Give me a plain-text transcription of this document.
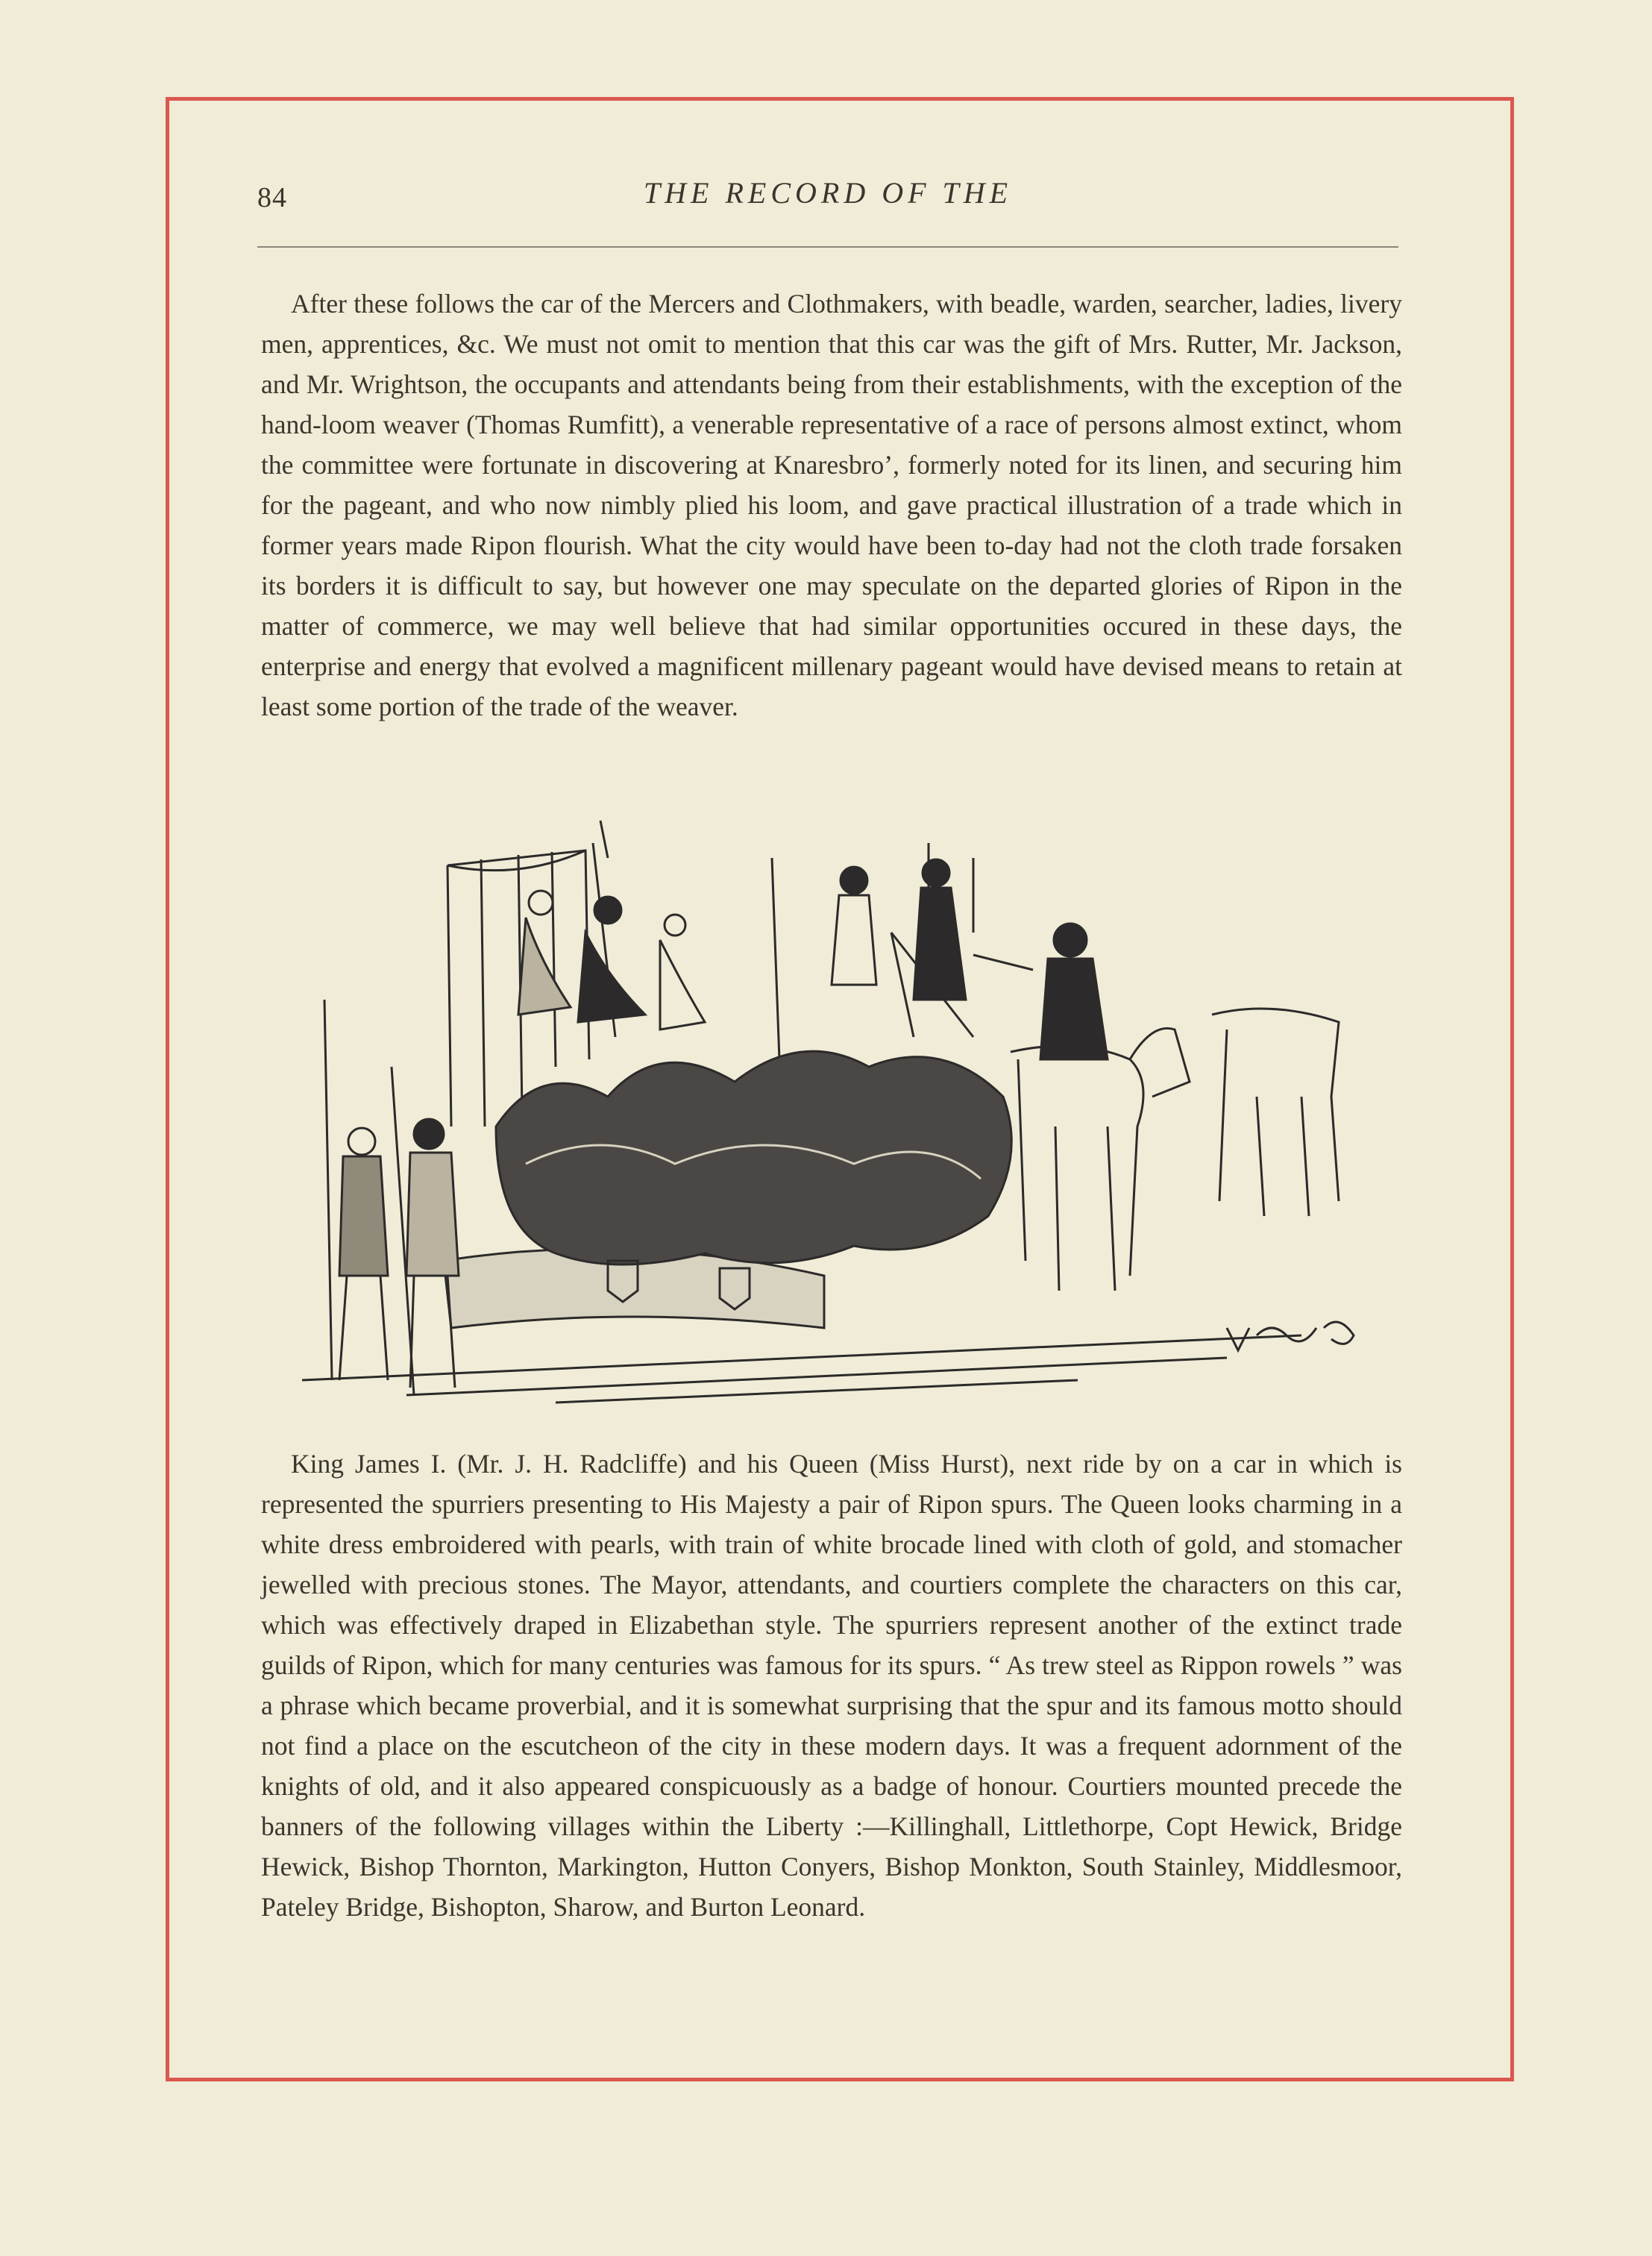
84	THE RECORD OF THE

After these follows the car of the Mercers and Clothmakers, with beadle, warden, searcher, ladies, livery men, apprentices, &c. We must not omit to mention that this car was the gift of Mrs. Rutter, Mr. Jackson, and Mr. Wrightson, the occupants and attendants being from their establishments, with the exception of the hand-loom weaver (Thomas Rumfitt), a venerable representative of a race of persons almost extinct, whom the committee were fortunate in discovering at Knaresbro’, formerly noted for its linen, and securing him for the pageant, and who now nimbly plied his loom, and gave practical illustration of a trade which in former years made Ripon flourish. What the city would have been to-day had not the cloth trade forsaken its borders it is difficult to say, but however one may speculate on the departed glories of Ripon in the matter of commerce, we may well believe that had similar opportunities occured in these days, the enterprise and energy that evolved a magnificent millenary pageant would have devised means to retain at least some portion of the trade of the weaver.

King James I. (Mr. J. H. Radcliffe) and his Queen (Miss Hurst), next ride by on a car in which is represented the spurriers presenting to His Majesty a pair of Ripon spurs. The Queen looks charming in a white dress embroidered with pearls, with train of white brocade lined with cloth of gold, and stomacher jewelled with precious stones. The Mayor, attendants, and courtiers complete the characters on this car, which was effectively draped in Elizabethan style. The spurriers represent another of the extinct trade guilds of Ripon, which for many centuries was famous for its spurs. “ As trew steel as Rippon rowels ” was a phrase which became proverbial, and it is somewhat surprising that the spur and its famous motto should not find a place on the escutcheon of the city in these modern days. It was a frequent adornment of the knights of old, and it also appeared conspicuously as a badge of honour. Courtiers mounted precede the banners of the following villages within the Liberty :—Killinghall, Littlethorpe, Copt Hewick, Bridge Hewick, Bishop Thornton, Markington, Hutton Conyers, Bishop Monkton, South Stainley, Middlesmoor, Pateley Bridge, Bishopton, Sharow, and Burton Leonard.
